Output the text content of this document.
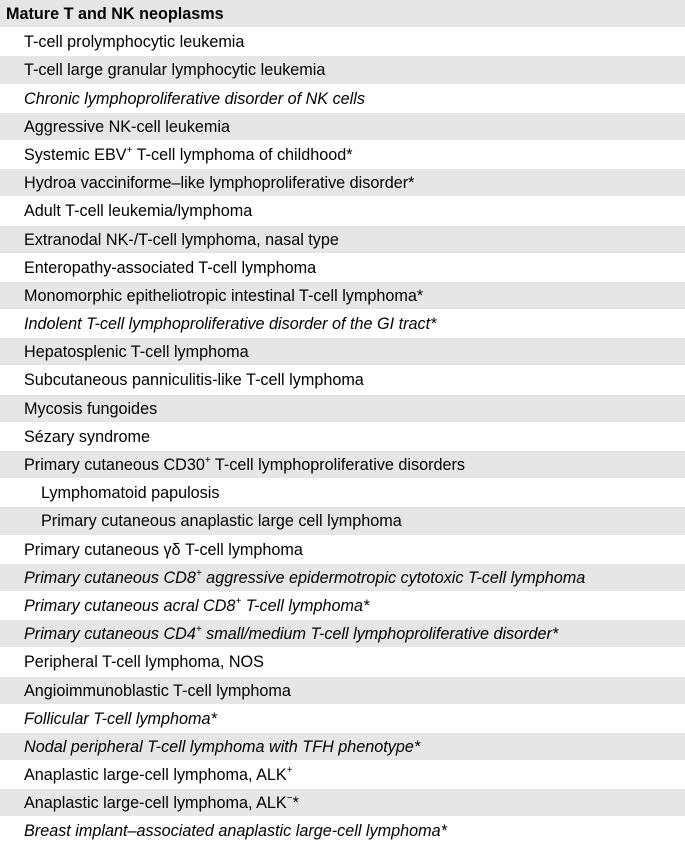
Mature T and NK neoplasms
T-cell prolymphocytic leukemia
T-cell large granular lymphocytic leukemia
Chronic lymphoproliferative disorder of NK cells
Aggressive NK-cell leukemia
Systemic EBV+ T-cell lymphoma of childhood*
Hydroa vacciniforme–like lymphoproliferative disorder*
Adult T-cell leukemia/lymphoma
Extranodal NK-/T-cell lymphoma, nasal type
Enteropathy-associated T-cell lymphoma
Monomorphic epitheliotropic intestinal T-cell lymphoma*
Indolent T-cell lymphoproliferative disorder of the GI tract*
Hepatosplenic T-cell lymphoma
Subcutaneous panniculitis-like T-cell lymphoma
Mycosis fungoides
Sézary syndrome
Primary cutaneous CD30+ T-cell lymphoproliferative disorders
Lymphomatoid papulosis
Primary cutaneous anaplastic large cell lymphoma
Primary cutaneous γδ T-cell lymphoma
Primary cutaneous CD8+ aggressive epidermotropic cytotoxic T-cell lymphoma
Primary cutaneous acral CD8+ T-cell lymphoma*
Primary cutaneous CD4+ small/medium T-cell lymphoproliferative disorder*
Peripheral T-cell lymphoma, NOS
Angioimmunoblastic T-cell lymphoma
Follicular T-cell lymphoma*
Nodal peripheral T-cell lymphoma with TFH phenotype*
Anaplastic large-cell lymphoma, ALK+
Anaplastic large-cell lymphoma, ALK−*
Breast implant–associated anaplastic large-cell lymphoma*
